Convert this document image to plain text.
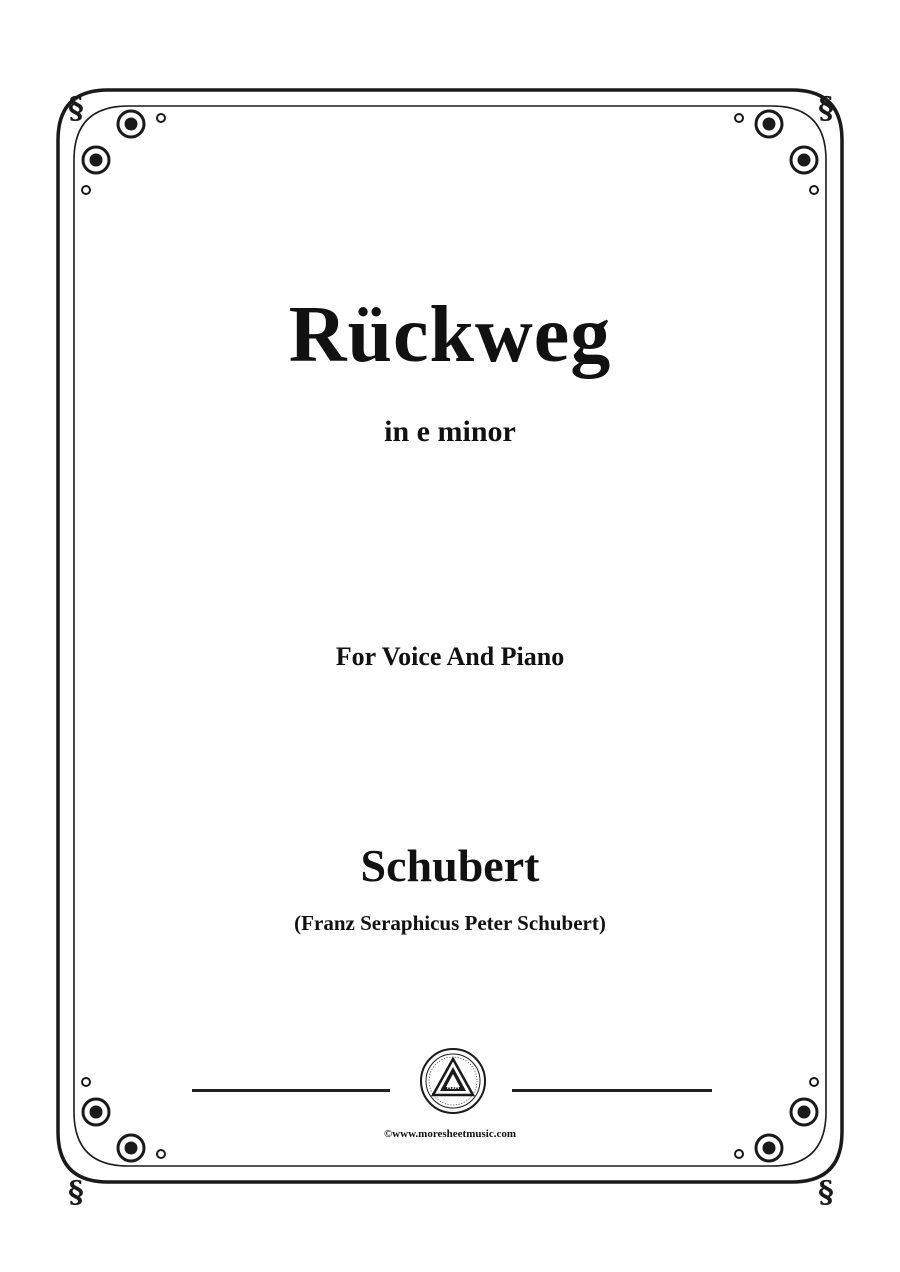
§	§
§	§
Rückweg
in e minor
For Voice And Piano
Schubert
(Franz Seraphicus Peter Schubert)
MSM
©www.moresheetmusic.com
